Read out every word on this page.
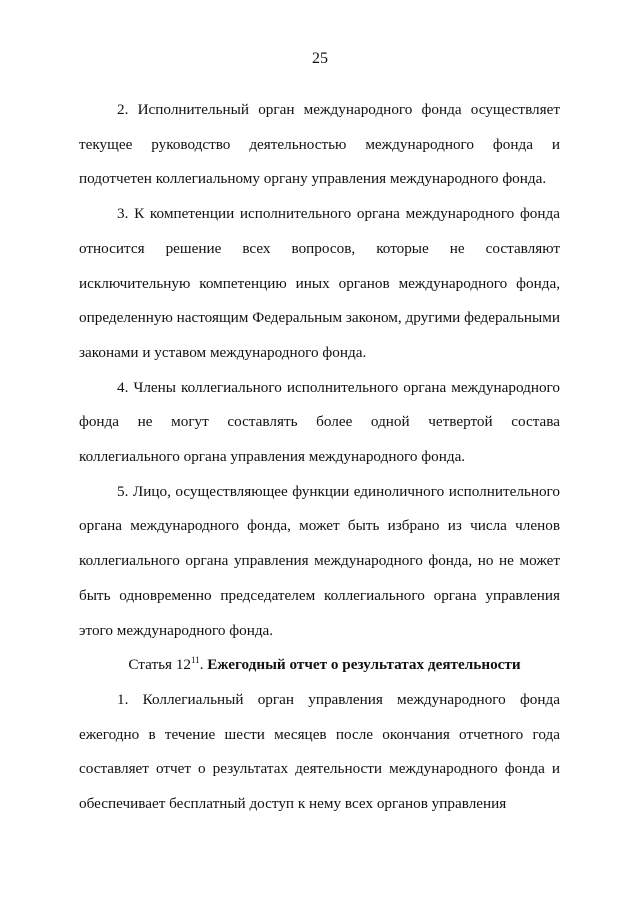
25

2. Исполнительный орган международного фонда осуществляет текущее руководство деятельностью международного фонда и подотчетен коллегиальному органу управления международного фонда.

3. К компетенции исполнительного органа международного фонда относится решение всех вопросов, которые не составляют исключительную компетенцию иных органов международного фонда, определенную настоящим Федеральным законом, другими федеральными законами и уставом международного фонда.

4. Члены коллегиального исполнительного органа международного фонда не могут составлять более одной четвертой состава коллегиального органа управления международного фонда.

5. Лицо, осуществляющее функции единоличного исполнительного органа международного фонда, может быть избрано из числа членов коллегиального органа управления международного фонда, но не может быть одновременно председателем коллегиального органа управления этого международного фонда.

Статья $12^{11}$. Ежегодный отчет о результатах деятельности

1. Коллегиальный орган управления международного фонда ежегодно в течение шести месяцев после окончания отчетного года составляет отчет о результатах деятельности международного фонда и обеспечивает бесплатный доступ к нему всех органов управления
